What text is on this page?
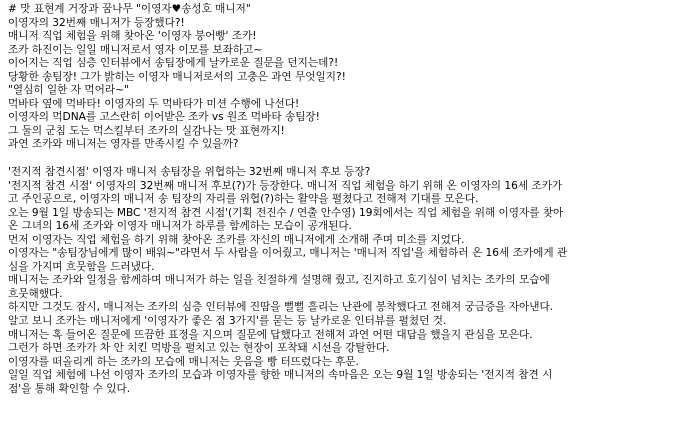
# 맛 표현계 거장과 꿈나무 "이영자♥송성호 매니저"
이영자의 32번째 매니저가 등장했다?!
매니저 직업 체험을 위해 찾아온 '이영자 붕어빵' 조카!
조카 하진이는 일일 매니저로서 영자 이모를 보좌하고~
이어지는 직업 심층 인터뷰에서 송팀장에게 날카로운 질문을 던지는데?!
당황한 송팀장! 그가 밝히는 이영자 매니저로서의 고충은 과연 무엇일지?!
"열심히 일한 자 먹어라~"
먹바타 옆에 먹바타! 이영자의 두 먹바타가 미션 수행에 나선다!
이영자의 먹DNA를 고스란히 이어받은 조카 vs 원조 먹바타 송팀장!
그 둘의 군침 도는 먹스킬부터 조카의 실감나는 맛 표현까지!
과연 조카와 매니저는 영자를 만족시킬 수 있을까?
'전지적 참견시점' 이영자 매니저 송팀장을 위협하는 32번째 매니저 후보 등장?
'전지적 참견 시점' 이영자의 32번째 매니저 후보(?)가 등장한다. 매니저 직업 체험을 하기 위해 온 이영자의 16세 조카가
고 주인공으로, 이영자의 매니저 송 팀장의 자리를 위협(?)하는 활약을 펼쳤다고 전해져 기대를 모은다.
오는 9월 1일 방송되는 MBC '전지적 참견 시점'(기획 전진수 / 연출 안수영) 19회에서는 직업 체험을 위해 이영자를 찾아
온 그녀의 16세 조카와 이영자 매니저가 하루를 함께하는 모습이 공개된다.
먼저 이영자는 직업 체험을 하기 위해 찾아온 조카를 자신의 매니저에게 소개해 주며 미소를 지었다.
이영자는 "송팀장님에게 많이 배워~"라면서 두 사람을 이어줬고, 매니저는 '매니저 직업'을 체험하러 온 16세 조카에게 관
심을 가지며 흐뭇함을 드러냈다.
매니저는 조카와 일정을 함께하며 매니저가 하는 일을 친절하게 설명해 줬고, 진지하고 호기심이 넘치는 조카의 모습에
흐뭇해했다.
하지만 그것도 잠시, 매니저는 조카의 심층 인터뷰에 진땀을 뻘뻘 흘리는 난관에 봉착했다고 전해져 궁금증을 자아낸다.
알고 보니 조카는 매니저에게 '이영자가 좋은 점 3가지'를 묻는 등 날카로운 인터뷰를 펼쳤던 것.
매니저는 혹 들어온 질문에 뜨끔한 표정을 지으며 질문에 답했다고 전해져 과연 어떤 대답을 했을지 관심을 모은다.
그런가 하면 조카가 차 안 치킨 먹방을 펼치고 있는 현장이 포착돼 시선을 강탈한다.
이영자를 떠올리게 하는 조카의 모습에 매니저는 웃음을 빵 터뜨렸다는 후문.
일일 직업 체험에 나선 이영자 조카의 모습과 이영자를 향한 매니저의 속마음은 오는 9월 1일 방송되는 '전지적 참견 시
점'을 통해 확인할 수 있다.
